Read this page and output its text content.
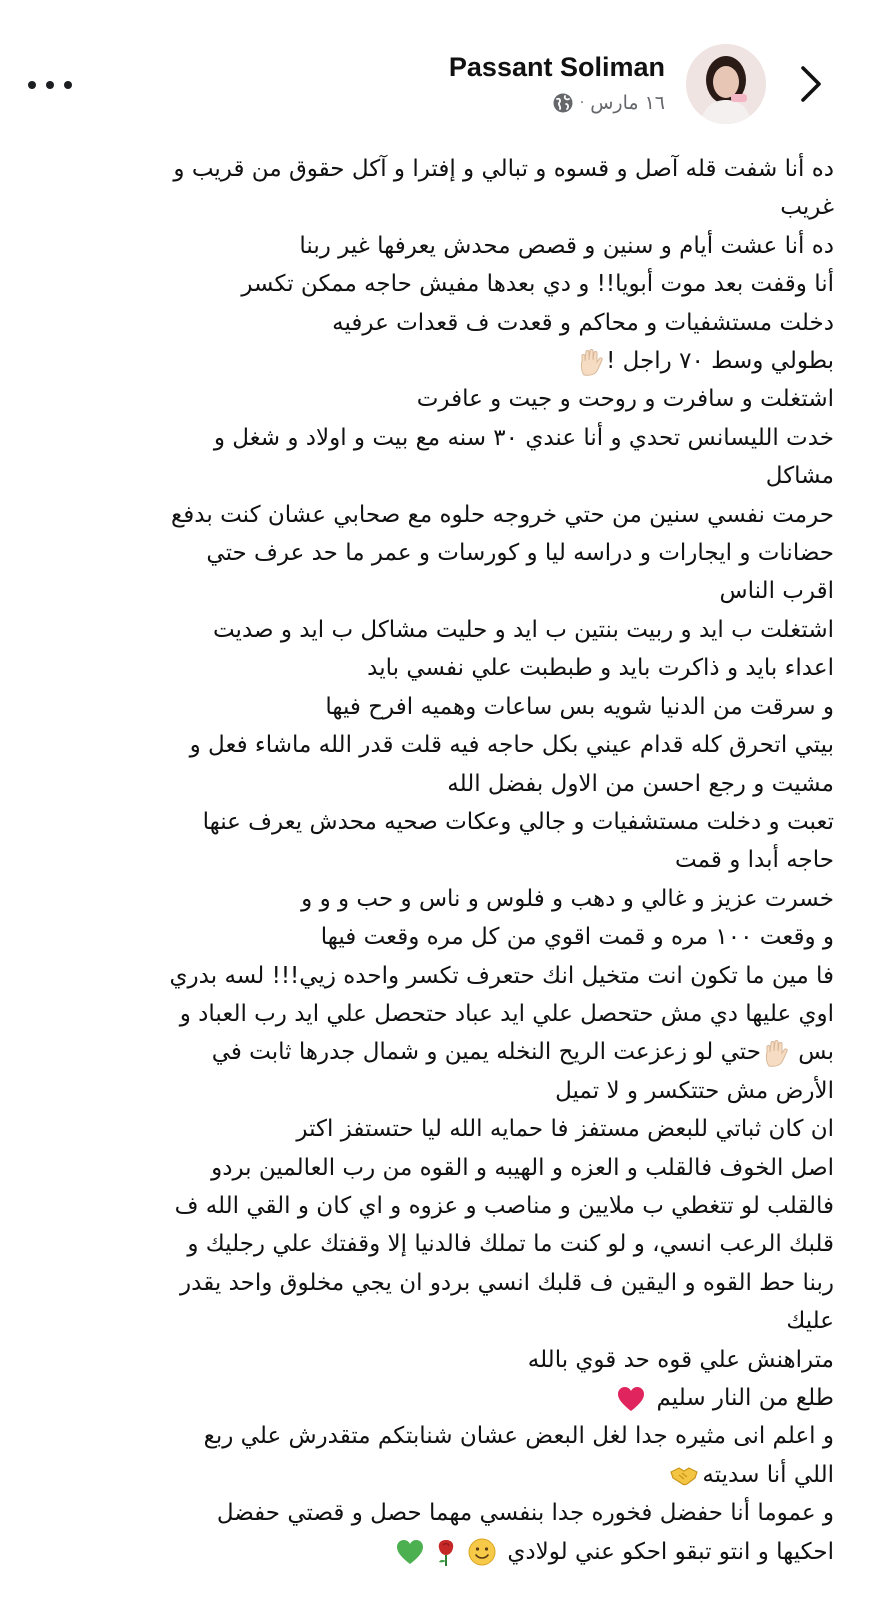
Passant Soliman
١٦ مارس
·
ده أنا شفت قله آصل و قسوه و تبالي و إفترا و آكل حقوق من قريب و
غريب
ده أنا عشت أيام و سنين و قصص محدش يعرفها غير ربنا
أنا وقفت بعد موت أبويا!! و دي بعدها مفيش حاجه ممكن تكسر
دخلت مستشفيات و محاكم و قعدت ف قعدات عرفيه
بطولي وسط ٧٠ راجل !
اشتغلت و سافرت و روحت و جيت و عافرت
خدت الليسانس تحدي و أنا عندي ٣٠ سنه مع بيت و اولاد و شغل و
مشاكل
حرمت نفسي سنين من حتي خروجه حلوه مع صحابي عشان كنت بدفع
حضانات و ايجارات و دراسه ليا و كورسات و عمر ما حد عرف حتي
اقرب الناس
اشتغلت ب ايد و ربيت بنتين ب ايد و حليت مشاكل ب ايد و صديت
اعداء بايد و ذاكرت بايد و طبطبت علي نفسي بايد
و سرقت من الدنيا شويه بس ساعات وهميه افرح فيها
بيتي اتحرق كله قدام عيني بكل حاجه فيه قلت قدر الله ماشاء فعل و
مشيت و رجع احسن من الاول بفضل الله
تعبت و دخلت مستشفيات و جالي وعكات صحيه محدش يعرف عنها
حاجه أبدا و قمت
خسرت عزيز و غالي و دهب و فلوس و ناس و حب و و و
و وقعت ١٠٠ مره و قمت اقوي من كل مره وقعت فيها
فا مين ما تكون انت متخيل انك حتعرف تكسر واحده زيي!!! لسه بدري
اوي عليها دي مش حتحصل علي ايد عباد حتحصل علي ايد رب العباد و
بس حتي لو زعزعت الريح النخله يمين و شمال جدرها ثابت في
الأرض مش حتتكسر و لا تميل
ان كان ثباتي للبعض مستفز فا حمايه الله ليا حتستفز اكتر
اصل الخوف فالقلب و العزه و الهيبه و القوه من رب العالمين بردو
فالقلب لو تتغطي ب ملايين و مناصب و عزوه و اي كان و القي الله ف
قلبك الرعب انسي، و لو كنت ما تملك فالدنيا إلا وقفتك علي رجليك و
ربنا حط القوه و اليقين ف قلبك انسي بردو ان يجي مخلوق واحد يقدر
عليك
متراهنش علي قوه حد قوي بالله
طلع من النار سليم
و اعلم انى مثيره جدا لغل البعض عشان شنابتكم متقدرش علي ربع
اللي أنا سديته
و عموما أنا حفضل فخوره جدا بنفسي مهما حصل و قصتي حفضل
احكيها و انتو تبقو احكو عني لولادي
